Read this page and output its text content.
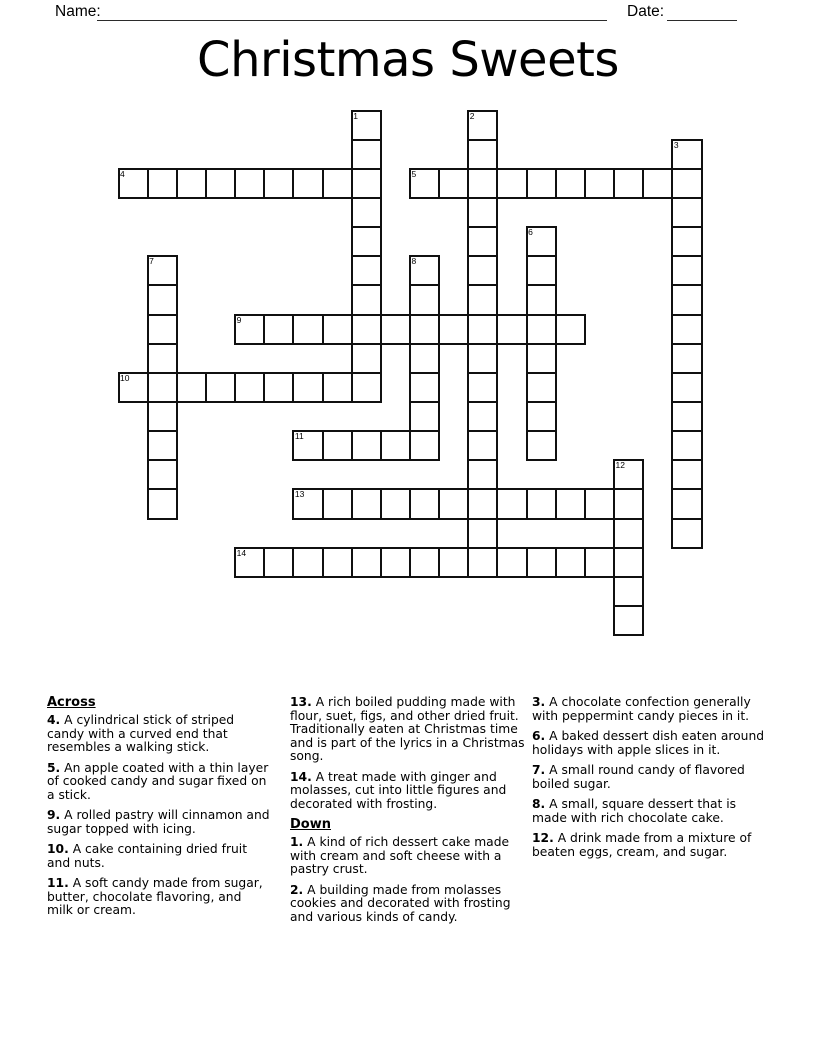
Name:	Date:
Christmas Sweets
1	2
3
4	5
6
7	8
9
10
11
12
13
14

Across

4. A cylindrical stick of striped candy with a curved end that resembles a walking stick.

5. An apple coated with a thin layer of cooked candy and sugar fixed on a stick.

9. A rolled pastry will cinnamon and sugar topped with icing.

10. A cake containing dried fruit and nuts.

11. A soft candy made from sugar, butter, chocolate flavoring, and milk or cream.

13. A rich boiled pudding made with flour, suet, figs, and other dried fruit. Traditionally eaten at Christmas time and is part of the lyrics in a Christmas song.

14. A treat made with ginger and molasses, cut into little figures and decorated with frosting.

Down

1. A kind of rich dessert cake made with cream and soft cheese with a pastry crust.

2. A building made from molasses cookies and decorated with frosting and various kinds of candy.

3. A chocolate confection generally with peppermint candy pieces in it.

6. A baked dessert dish eaten around holidays with apple slices in it.

7. A small round candy of flavored boiled sugar.

8. A small, square dessert that is made with rich chocolate cake.

12. A drink made from a mixture of beaten eggs, cream, and sugar.
